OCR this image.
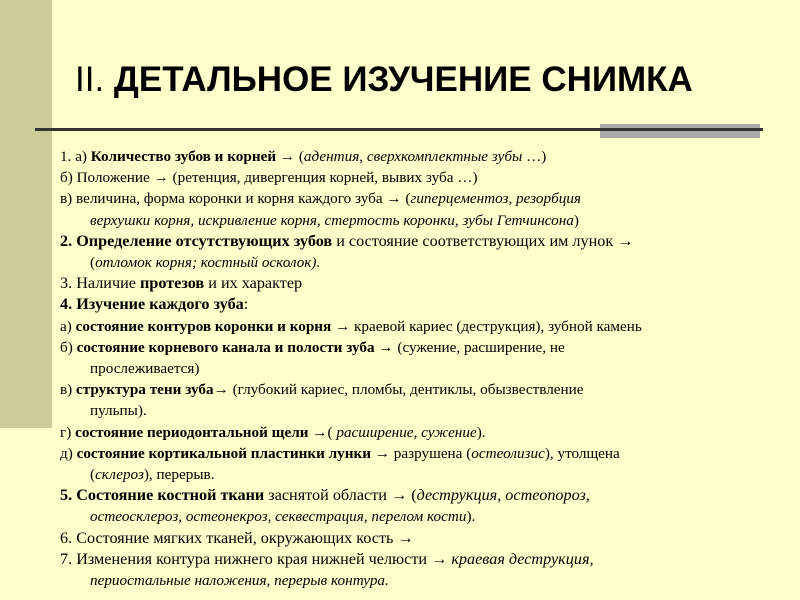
II. ДЕТАЛЬНОЕ ИЗУЧЕНИЕ СНИМКА
1. а) Количество зубов и корней → (адентия, сверхкомплектные зубы …)
б) Положение → (ретенция, дивергенция корней, вывих зуба …)
в) величина, форма коронки и корня каждого зуба → (гиперцементоз, резорбция
верхушки корня, искривление корня, стертость коронки, зубы Гетчинсона)
2. Определение отсутствующих зубов и состояние соответствующих им лунок →
(отломок корня; костный осколок).
3. Наличие протезов и их характер
4. Изучение каждого зуба:
а) состояние контуров коронки и корня → краевой кариес (деструкция), зубной камень
б) состояние корневого канала и полости зуба → (сужение, расширение, не
прослеживается)
в) структура тени зуба→ (глубокий кариес, пломбы, дентиклы, обызвествление
пульпы).
г) состояние периодонтальной щели →( расширение, сужение).
д) состояние кортикальной пластинки лунки → разрушена (остеолизис), утолщена
(склероз), перерыв.
5. Состояние костной ткани заснятой области → (деструкция, остеопороз,
остеосклероз, остеонекроз, секвестрация, перелом кости).
6. Состояние мягких тканей, окружающих кость →
7. Изменения контура нижнего края нижней челюсти → краевая деструкция,
периостальные наложения, перерыв контура.
